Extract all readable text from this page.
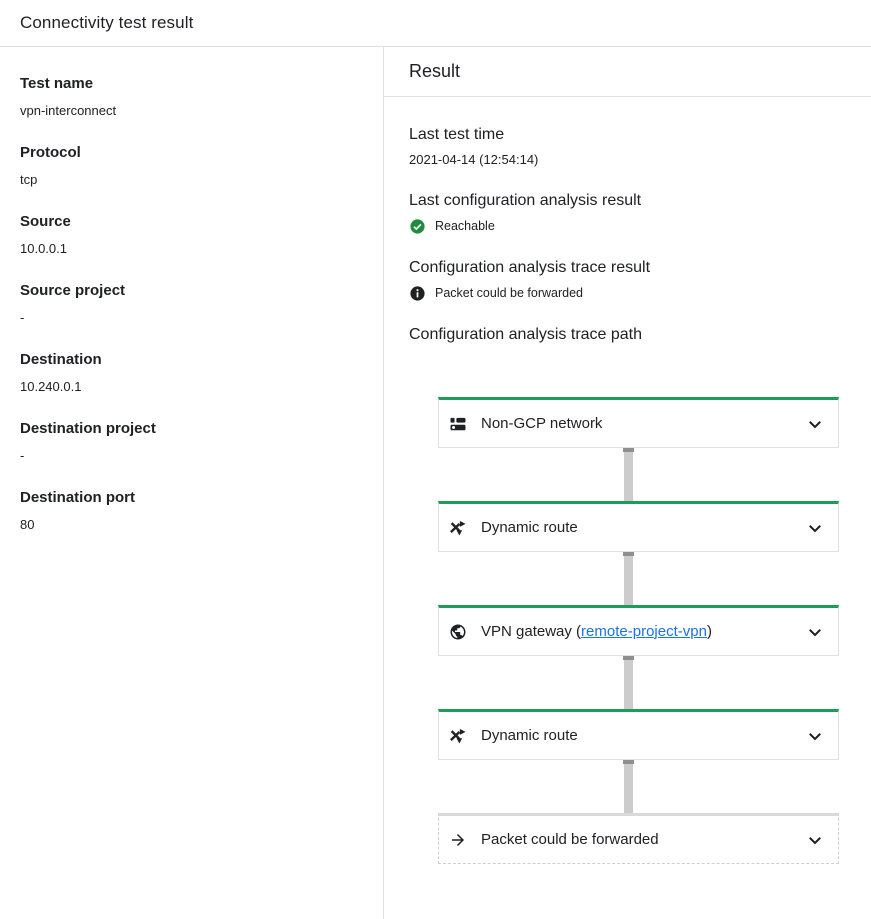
Connectivity test result
Test name
vpn-interconnect
Protocol
tcp
Source
10.0.0.1
Source project
-
Destination
10.240.0.1
Destination project
-
Destination port
80
Result
Last test time
2021-04-14 (12:54:14)
Last configuration analysis result
Reachable
Configuration analysis trace result
Packet could be forwarded
Configuration analysis trace path
Non-GCP network
Dynamic route
VPN gateway (remote-project-vpn)
Dynamic route
Packet could be forwarded
